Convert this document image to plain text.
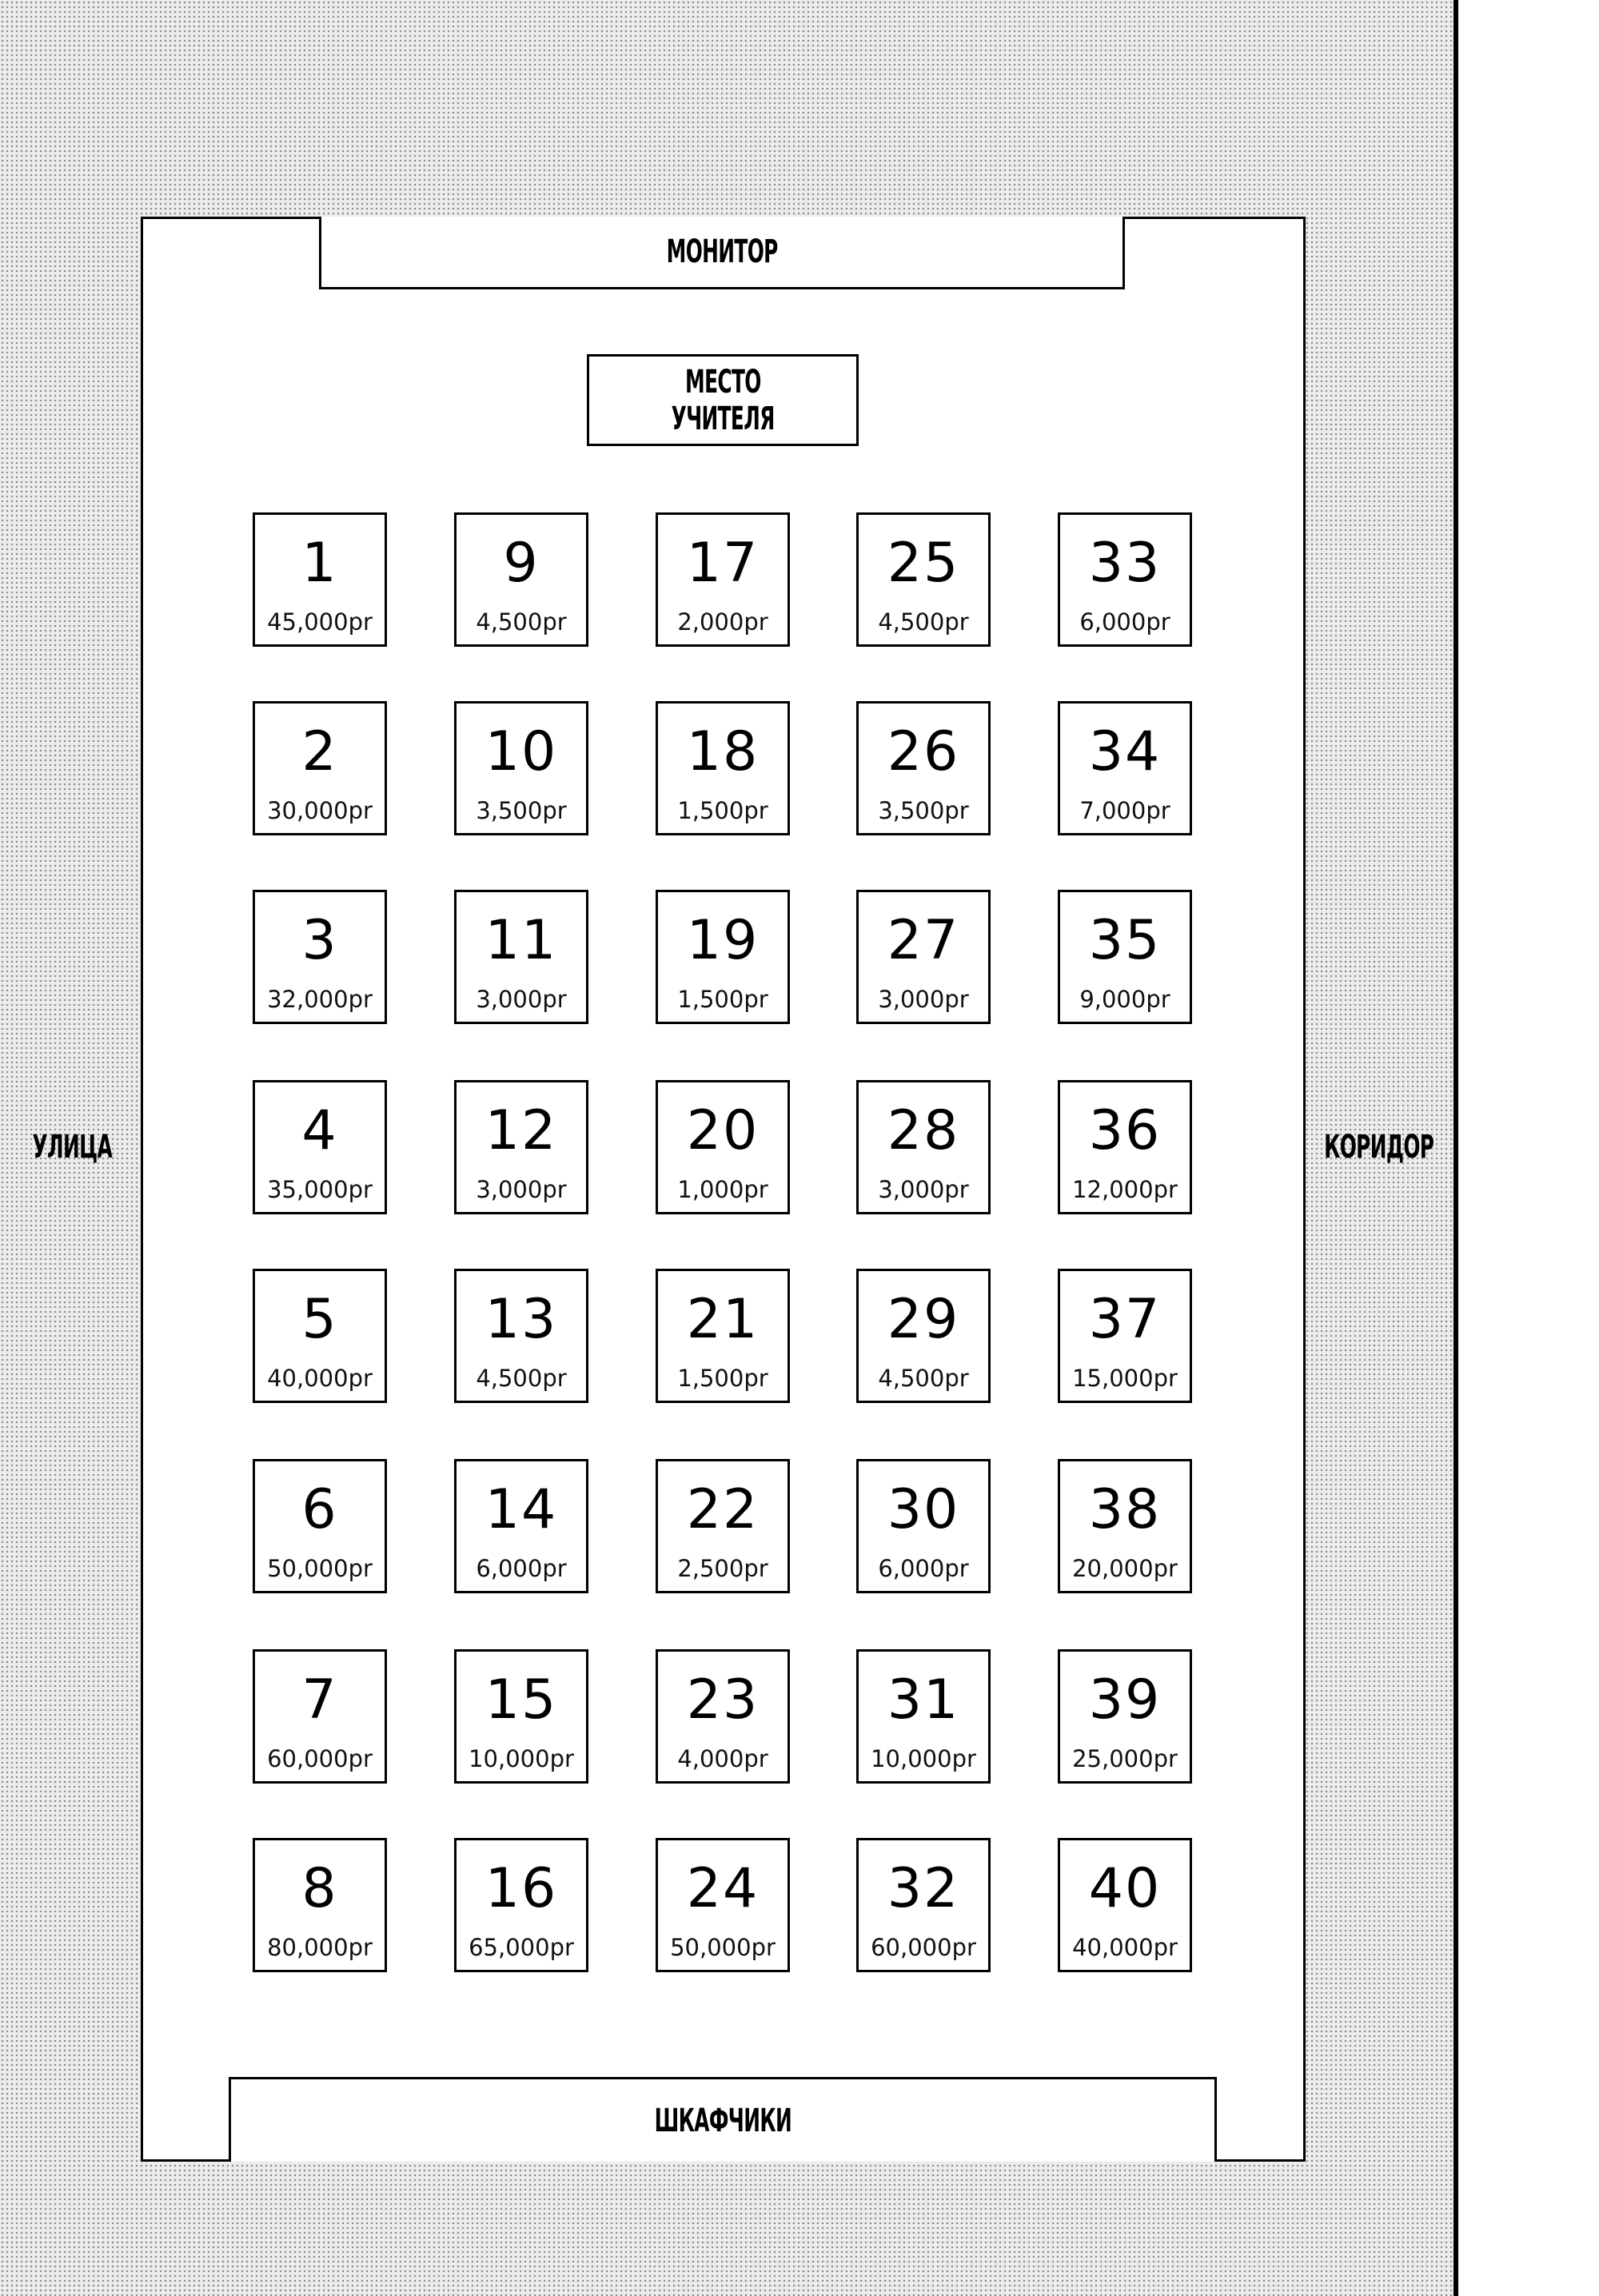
МОНИТОР
МЕСТО
УЧИТЕЛЯ
УЛИЦА	КОРИДОР
1
45,000pr
2
30,000pr
3
32,000pr
4
35,000pr
5
40,000pr
6
50,000pr
7
60,000pr
8
80,000pr
9
4,500pr
10
3,500pr
11
3,000pr
12
3,000pr
13
4,500pr
14
6,000pr
15
10,000pr
16
65,000pr
17
2,000pr
18
1,500pr
19
1,500pr
20
1,000pr
21
1,500pr
22
2,500pr
23
4,000pr
24
50,000pr
25
4,500pr
26
3,500pr
27
3,000pr
28
3,000pr
29
4,500pr
30
6,000pr
31
10,000pr
32
60,000pr
33
6,000pr
34
7,000pr
35
9,000pr
36
12,000pr
37
15,000pr
38
20,000pr
39
25,000pr
40
40,000pr
ШКАФЧИКИ
